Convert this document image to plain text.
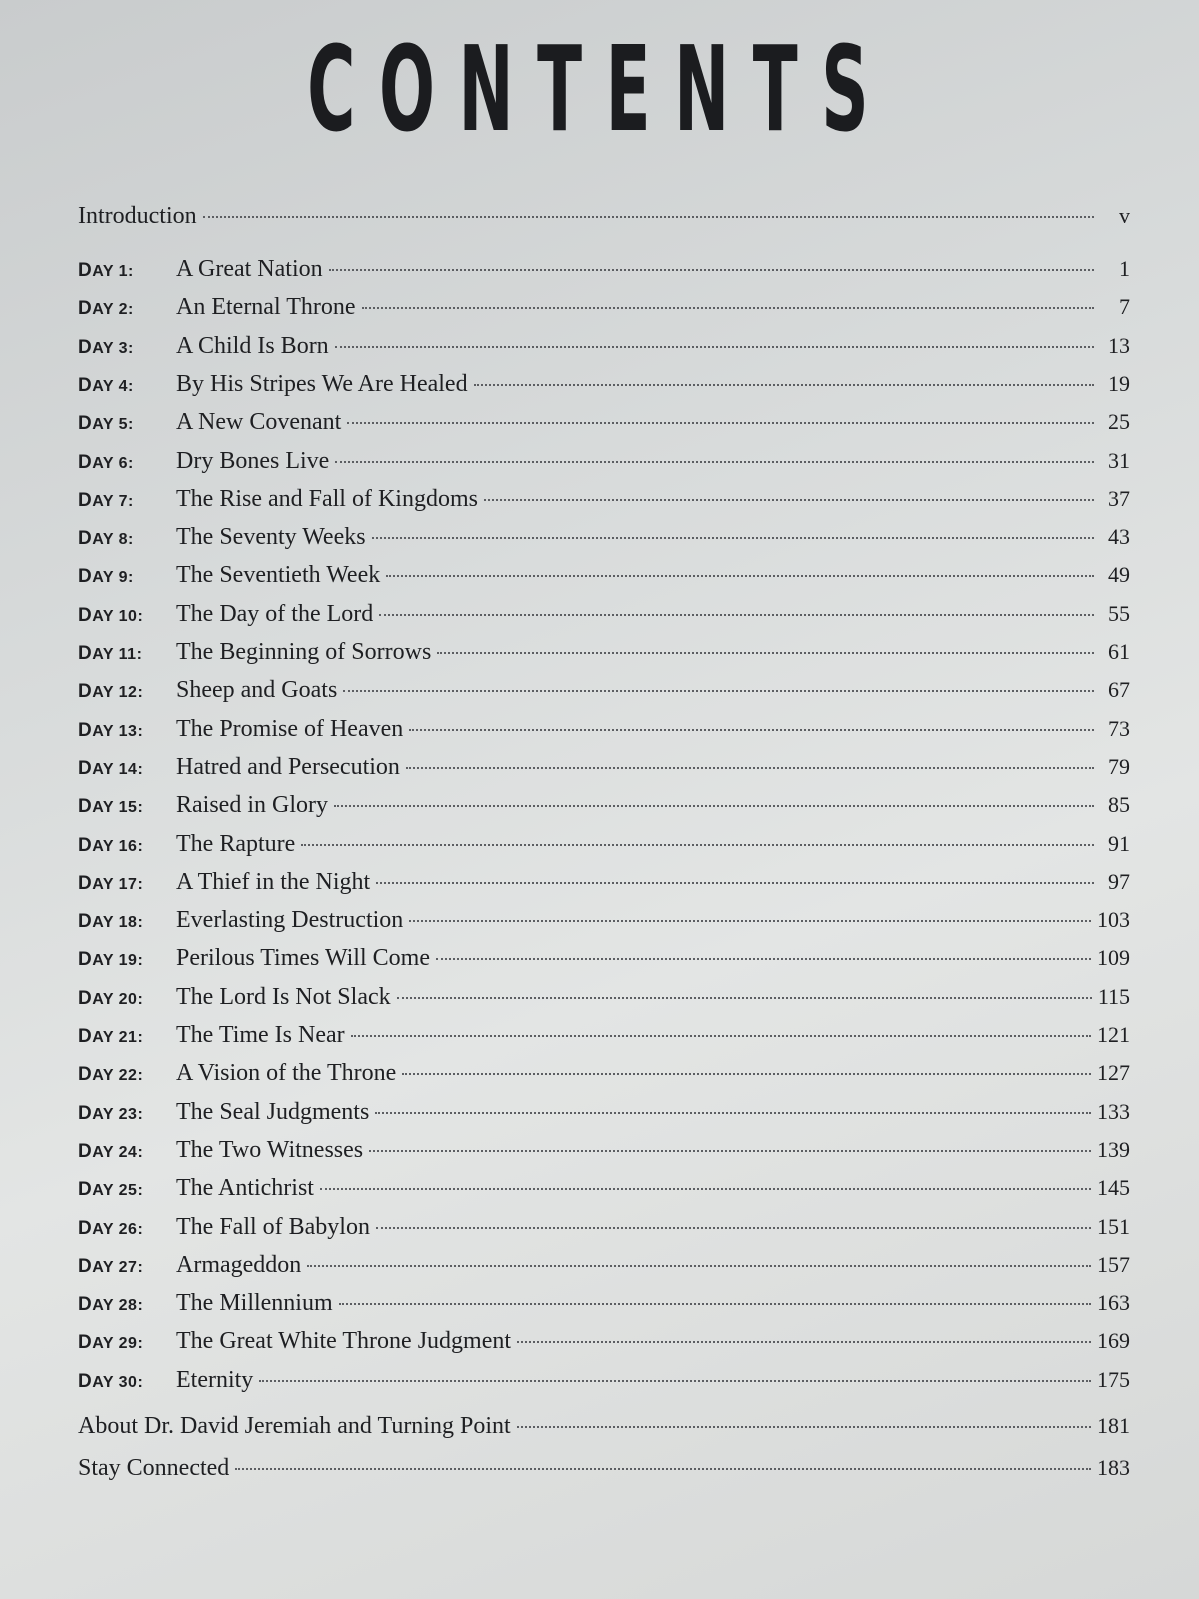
CONTENTS
Introduction	v
DAY 1:	A Great Nation	1
DAY 2:	An Eternal Throne	7
DAY 3:	A Child Is Born	13
DAY 4:	By His Stripes We Are Healed	19
DAY 5:	A New Covenant	25
DAY 6:	Dry Bones Live	31
DAY 7:	The Rise and Fall of Kingdoms	37
DAY 8:	The Seventy Weeks	43
DAY 9:	The Seventieth Week	49
DAY 10:	The Day of the Lord	55
DAY 11:	The Beginning of Sorrows	61
DAY 12:	Sheep and Goats	67
DAY 13:	The Promise of Heaven	73
DAY 14:	Hatred and Persecution	79
DAY 15:	Raised in Glory	85
DAY 16:	The Rapture	91
DAY 17:	A Thief in the Night	97
DAY 18:	Everlasting Destruction	103
DAY 19:	Perilous Times Will Come	109
DAY 20:	The Lord Is Not Slack	115
DAY 21:	The Time Is Near	121
DAY 22:	A Vision of the Throne	127
DAY 23:	The Seal Judgments	133
DAY 24:	The Two Witnesses	139
DAY 25:	The Antichrist	145
DAY 26:	The Fall of Babylon	151
DAY 27:	Armageddon	157
DAY 28:	The Millennium	163
DAY 29:	The Great White Throne Judgment	169
DAY 30:	Eternity	175
About Dr. David Jeremiah and Turning Point	181
Stay Connected	183
